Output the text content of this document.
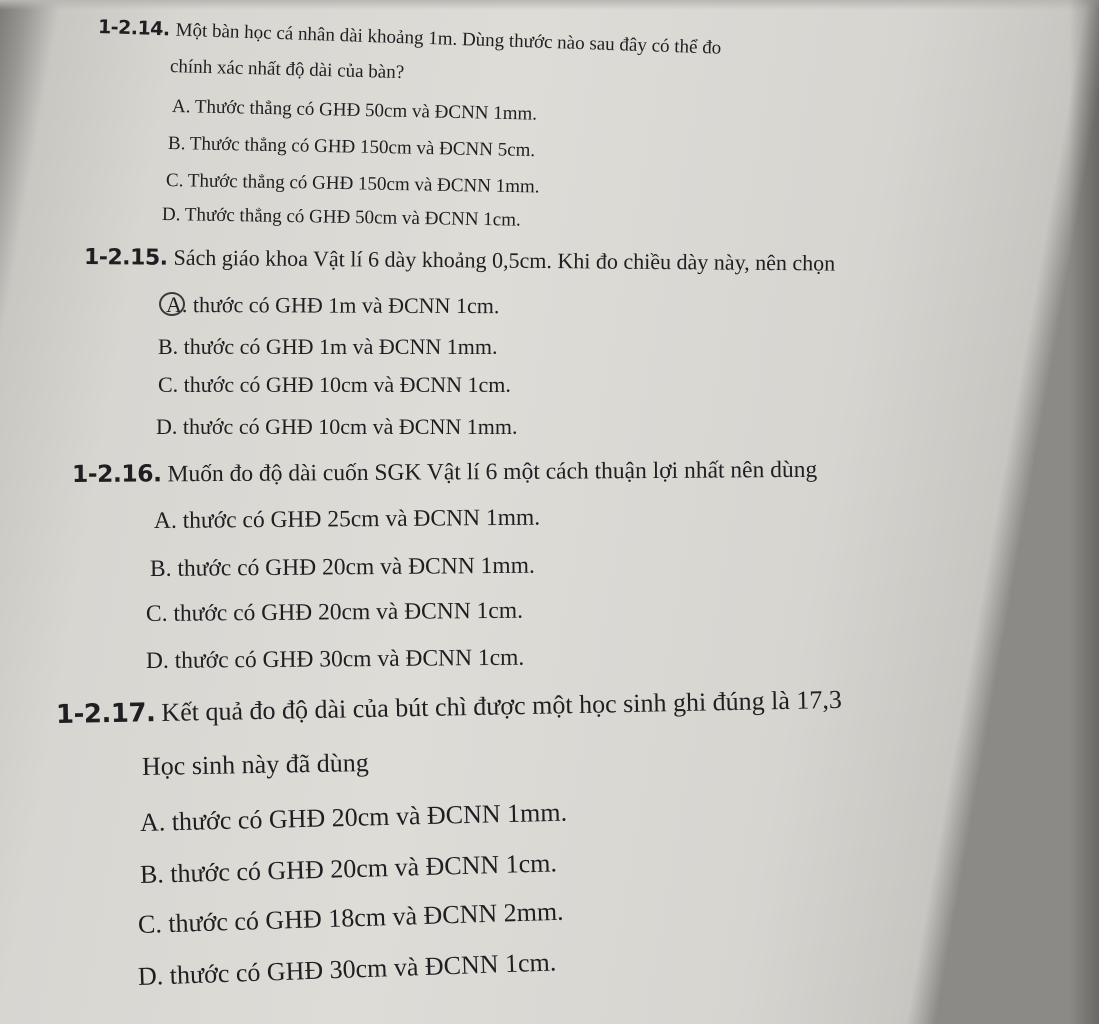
1-2.14. Một bàn học cá nhân dài khoảng 1m. Dùng thước nào sau đây có thể đo
chính xác nhất độ dài của bàn?
A. Thước thẳng có GHĐ 50cm và ĐCNN 1mm.
B. Thước thẳng có GHĐ 150cm và ĐCNN 5cm.
C. Thước thẳng có GHĐ 150cm và ĐCNN 1mm.
D. Thước thẳng có GHĐ 50cm và ĐCNN 1cm.
1-2.15. Sách giáo khoa Vật lí 6 dày khoảng 0,5cm. Khi đo chiều dày này, nên chọn
A. thước có GHĐ 1m và ĐCNN 1cm.
B. thước có GHĐ 1m và ĐCNN 1mm.
C. thước có GHĐ 10cm và ĐCNN 1cm.
D. thước có GHĐ 10cm và ĐCNN 1mm.
1-2.16. Muốn đo độ dài cuốn SGK Vật lí 6 một cách thuận lợi nhất nên dùng
A. thước có GHĐ 25cm và ĐCNN 1mm.
B. thước có GHĐ 20cm và ĐCNN 1mm.
C. thước có GHĐ 20cm và ĐCNN 1cm.
D. thước có GHĐ 30cm và ĐCNN 1cm.
1-2.17. Kết quả đo độ dài của bút chì được một học sinh ghi đúng là 17,3
Học sinh này đã dùng
A. thước có GHĐ 20cm và ĐCNN 1mm.
B. thước có GHĐ 20cm và ĐCNN 1cm.
C. thước có GHĐ 18cm và ĐCNN 2mm.
D. thước có GHĐ 30cm và ĐCNN 1cm.
